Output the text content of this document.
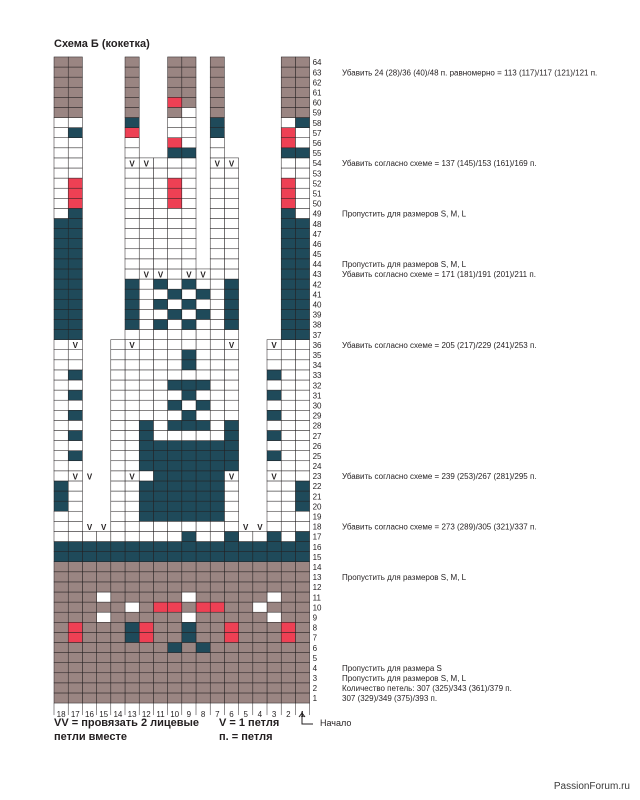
Схема Б (кокетка)
V
V
V
V
V
V
V
V
V
V
V
V
V
V
V
V
V
V
V
V
V
1
2
3
4
5
6
7
8
9
10
11
12
13
14
15
16
17
18
19
20
21
22
23
24
25
26
27
28
29
30
31
32
33
34
35
36
37
38
39
40
41
42
43
44
45
46
47
48
49
50
51
52
53
54
55
56
57
58
59
60
61
62
63
64
18 17 16 15 14 13 12 11 10 9 8 7 6 5 4 3 2 1
Убавить 24 (28)/36 (40)/48 п. равномерно = 113 (117)/117 (121)/121 п.
Убавить согласно схеме = 137 (145)/153 (161)/169 п.
Пропустить для размеров S, M, L
Пропустить для размеров S, M, L
Убавить согласно схеме = 171 (181)/191 (201)/211 п.
Убавить согласно схеме = 205 (217)/229 (241)/253 п.
Убавить согласно схеме = 239 (253)/267 (281)/295 п.
Убавить согласно схеме = 273 (289)/305 (321)/337 п.
Пропустить для размеров S, M, L
Пропустить для размера S
Пропустить для размеров S, M, L
Количество петель: 307 (325)/343 (361)/379 п.
307 (329)/349 (375)/393 п.
VV = провязать 2 лицевые
петли вместе
V = 1 петля
п. = петля
Начало
PassionForum.ru
